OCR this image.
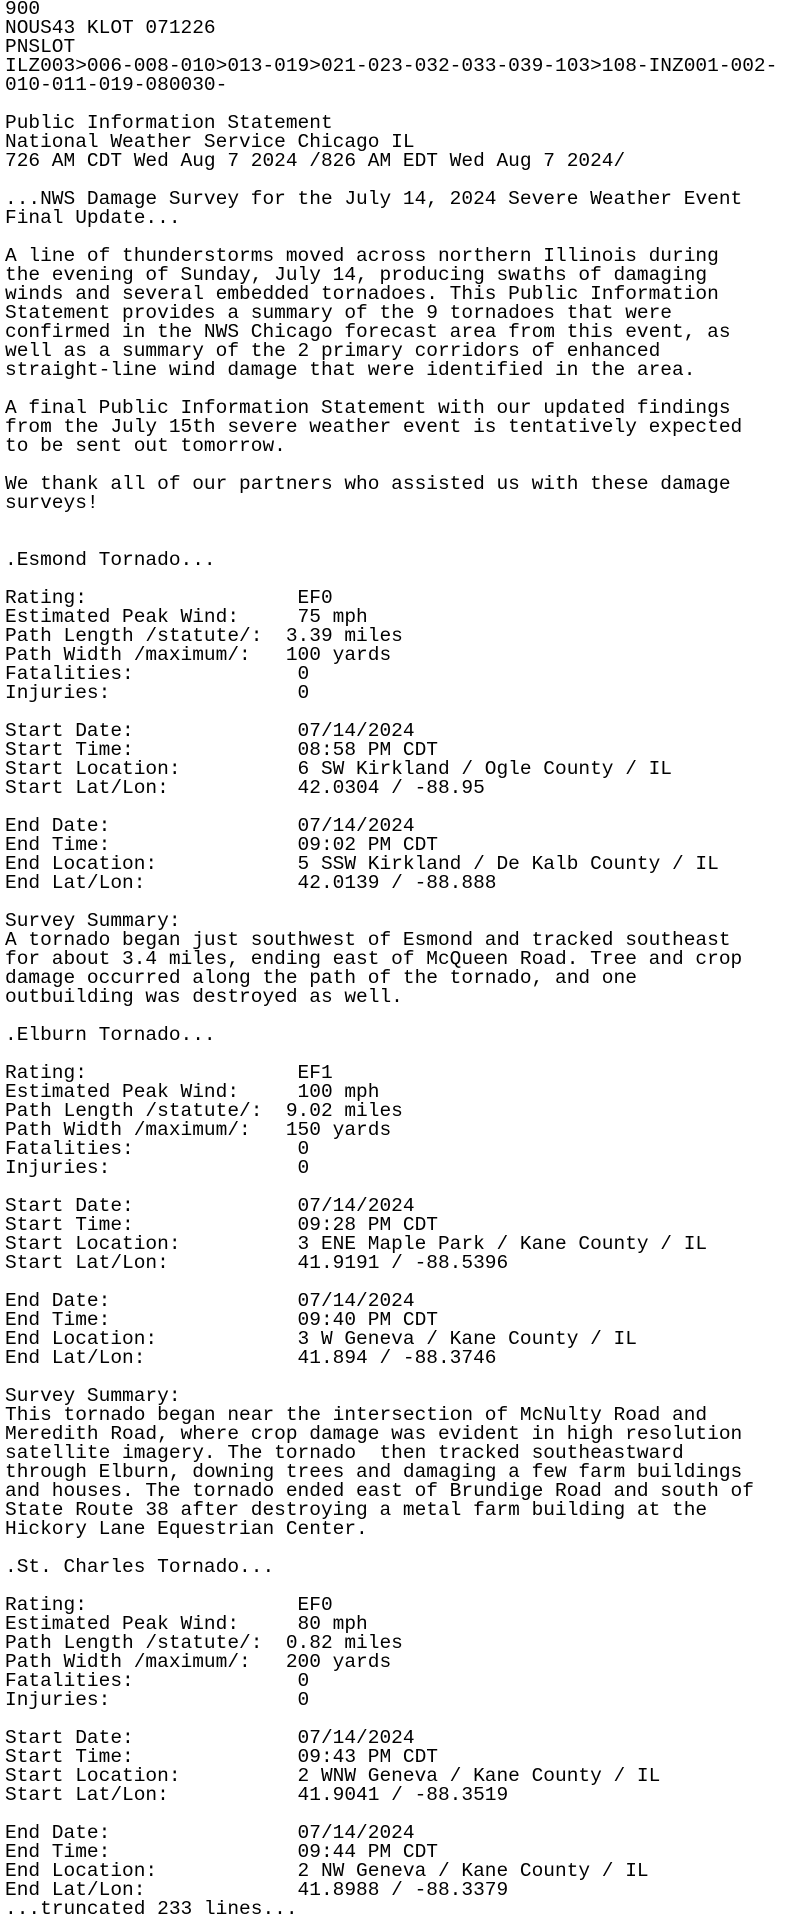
900
NOUS43 KLOT 071226
PNSLOT
ILZ003>006-008-010>013-019>021-023-032-033-039-103>108-INZ001-002-
010-011-019-080030-
Public Information Statement
National Weather Service Chicago IL
726 AM CDT Wed Aug 7 2024 /826 AM EDT Wed Aug 7 2024/
...NWS Damage Survey for the July 14, 2024 Severe Weather Event
Final Update...
A line of thunderstorms moved across northern Illinois during
the evening of Sunday, July 14, producing swaths of damaging
winds and several embedded tornadoes. This Public Information
Statement provides a summary of the 9 tornadoes that were
confirmed in the NWS Chicago forecast area from this event, as
well as a summary of the 2 primary corridors of enhanced
straight-line wind damage that were identified in the area.
A final Public Information Statement with our updated findings
from the July 15th severe weather event is tentatively expected
to be sent out tomorrow.
We thank all of our partners who assisted us with these damage
surveys!
.Esmond Tornado...
Rating:                  EF0
Estimated Peak Wind:     75 mph
Path Length /statute/:  3.39 miles
Path Width /maximum/:   100 yards
Fatalities:              0
Injuries:                0
Start Date:              07/14/2024
Start Time:              08:58 PM CDT
Start Location:          6 SW Kirkland / Ogle County / IL
Start Lat/Lon:           42.0304 / -88.95
End Date:                07/14/2024
End Time:                09:02 PM CDT
End Location:            5 SSW Kirkland / De Kalb County / IL
End Lat/Lon:             42.0139 / -88.888
Survey Summary:
A tornado began just southwest of Esmond and tracked southeast
for about 3.4 miles, ending east of McQueen Road. Tree and crop
damage occurred along the path of the tornado, and one
outbuilding was destroyed as well.
.Elburn Tornado...
Rating:                  EF1
Estimated Peak Wind:     100 mph
Path Length /statute/:  9.02 miles
Path Width /maximum/:   150 yards
Fatalities:              0
Injuries:                0
Start Date:              07/14/2024
Start Time:              09:28 PM CDT
Start Location:          3 ENE Maple Park / Kane County / IL
Start Lat/Lon:           41.9191 / -88.5396
End Date:                07/14/2024
End Time:                09:40 PM CDT
End Location:            3 W Geneva / Kane County / IL
End Lat/Lon:             41.894 / -88.3746
Survey Summary:
This tornado began near the intersection of McNulty Road and
Meredith Road, where crop damage was evident in high resolution
satellite imagery. The tornado  then tracked southeastward
through Elburn, downing trees and damaging a few farm buildings
and houses. The tornado ended east of Brundige Road and south of
State Route 38 after destroying a metal farm building at the
Hickory Lane Equestrian Center.
.St. Charles Tornado...
Rating:                  EF0
Estimated Peak Wind:     80 mph
Path Length /statute/:  0.82 miles
Path Width /maximum/:   200 yards
Fatalities:              0
Injuries:                0
Start Date:              07/14/2024
Start Time:              09:43 PM CDT
Start Location:          2 WNW Geneva / Kane County / IL
Start Lat/Lon:           41.9041 / -88.3519
End Date:                07/14/2024
End Time:                09:44 PM CDT
End Location:            2 NW Geneva / Kane County / IL
End Lat/Lon:             41.8988 / -88.3379
...truncated 233 lines...
